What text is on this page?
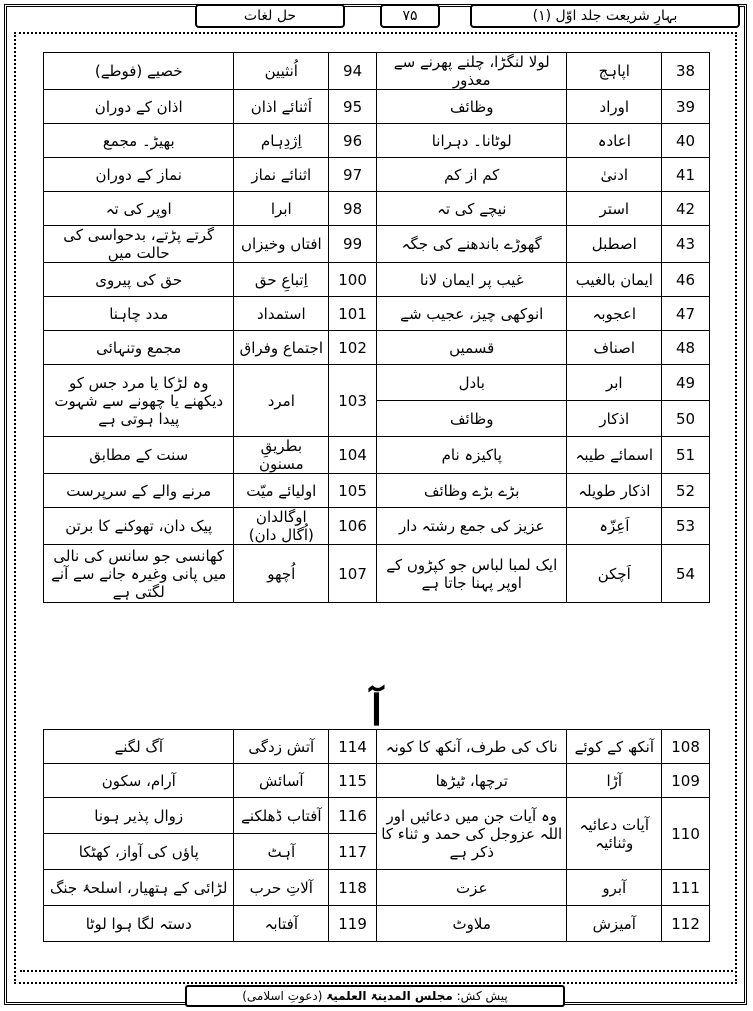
بہارِ شریعت جلد اوّل (۱)
۷۵
حل لغات
38	اپاہج	لولا لنگڑا، چلنے پھرنے سے معذور	94	اُنثیین	خصیے (فوطے)
39	اوراد	وظائف	95	اَثنائے اذان	اذان کے دوران
40	اعادہ	لوٹانا۔ دہرانا	96	اِژدِہام	بھیڑ۔ مجمع
41	ادنیٰ	کم از کم	97	اثنائے نماز	نماز کے دوران
42	استر	نیچے کی تہ	98	ابرا	اوپر کی تہ
43	اصطبل	گھوڑے باندھنے کی جگہ	99	افتاں وخیزاں	گرتے پڑتے، بدحواسی کی حالت میں
46	ایمان بالغیب	غیب پر ایمان لانا	100	اِتباعِ حق	حق کی پیروی
47	اعجوبہ	انوکھی چیز، عجیب شے	101	استمداد	مدد چاہنا
48	اصناف	قسمیں	102	اجتماع وفراق	مجمع وتنہائی
49	ابر	بادل	103	امرد	وہ لڑکا یا مرد جس کو دیکھنے یا چھونے سے شہوت پیدا ہوتی ہے
50	اذکار	وظائف			
51	اسمائے طیبہ	پاکیزہ نام	104	بطریقِ مسنون	سنت کے مطابق
52	اذکار طویلہ	بڑے بڑے وظائف	105	اولیائے میّت	مرنے والے کے سرپرست
53	اَعِزّہ	عزیز کی جمع رشتہ دار	106	اوگالدان (اُگال دان)	پیک دان، تھوکنے کا برتن
54	اَچکن	ایک لمبا لباس جو کپڑوں کے اوپر پہنا جاتا ہے	107	اُچھو	کھانسی جو سانس کی نالی میں پانی وغیرہ جانے سے آنے لگتی ہے
آ
108	آنکھ کے کوئے	ناک کی طرف، آنکھ کا کونہ	114	آتش زدگی	آگ لگنے
109	آڑا	ترچھا، ٹیڑھا	115	آسائش	آرام، سکون
110	آیات دعائیہ وثنائیہ	وہ آیات جن میں دعائیں اور اللہ عزوجل کی حمد و ثناء کا ذکر ہے	116	آفتاب ڈھلکنے	زوال پذیر ہونا
			117	آہٹ	پاؤں کی آواز، کھٹکا
111	آبرو	عزت	118	آلاتِ حرب	لڑائی کے ہتھیار، اسلحۂ جنگ
112	آمیزش	ملاوٹ	119	آفتابہ	دستہ لگا ہوا لوٹا
پیش کش: مجلس المدینۃ العلمیۃ (دعوتِ اسلامی)
